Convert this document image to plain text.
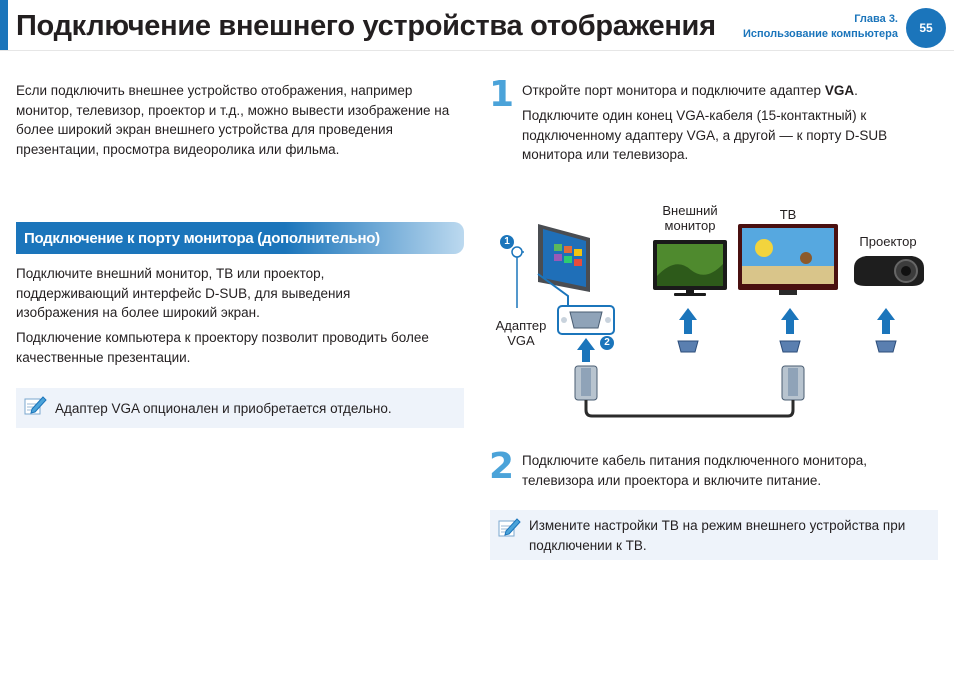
Подключение внешнего устройства отображения	Глава 3.
Использование компьютера	55
Если подключить внешнее устройство отображения, например монитор, телевизор, проектор и т.д., можно вывести изображение на более широкий экран внешнего устройства для проведения презентации, просмотра видеоролика или фильма.
Подключение к порту монитора (дополнительно)
Подключите внешний монитор, ТВ или проектор, поддерживающий интерфейс D-SUB, для выведения изображения на более широкий экран.
Подключение компьютера к проектору позволит проводить более качественные презентации.
Адаптер VGA опционален и приобретается отдельно.
1 Откройте порт монитора и подключите адаптер VGA.
Подключите один конец VGA-кабеля (15-контактный) к подключенному адаптеру VGA, а другой — к порту D-SUB монитора или телевизора.
Внешний
монитор
ТВ
Проектор
Адаптер
VGA
1
2
2 Подключите кабель питания подключенного монитора, телевизора или проектора и включите питание.
Измените настройки ТВ на режим внешнего устройства при подключении к ТВ.
